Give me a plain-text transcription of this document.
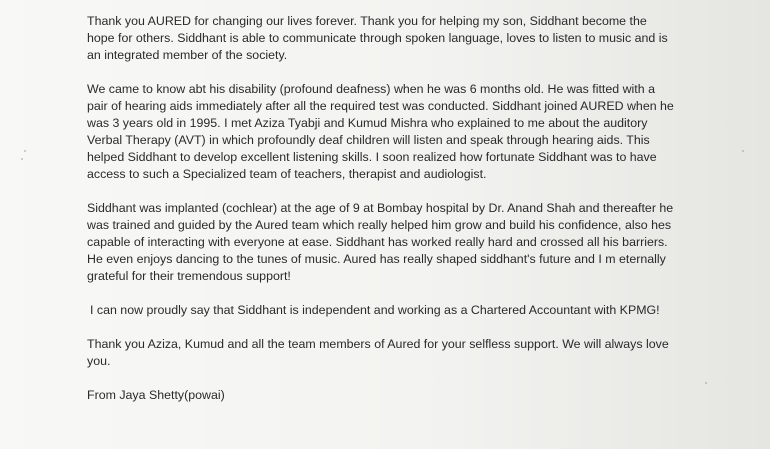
Thank you AURED for changing our lives forever. Thank you for helping my son, Siddhant become the hope for others. Siddhant is able to communicate through spoken language, loves to listen to music and is an integrated member of the society.

We came to know abt his disability (profound deafness) when he was 6 months old. He was fitted with a pair of hearing aids immediately after all the required test was conducted. Siddhant joined AURED when he was 3 years old in 1995. I met Aziza Tyabji and Kumud Mishra who explained to me about the auditory Verbal Therapy (AVT) in which profoundly deaf children will listen and speak through hearing aids. This helped Siddhant to develop excellent listening skills. I soon realized how fortunate Siddhant was to have access to such a Specialized team of teachers, therapist and audiologist.

Siddhant was implanted (cochlear) at the age of 9 at Bombay hospital by Dr. Anand Shah and thereafter he was trained and guided by the Aured team which really helped him grow and build his confidence, also hes capable of interacting with everyone at ease. Siddhant has worked really hard and crossed all his barriers. He even enjoys dancing to the tunes of music. Aured has really shaped siddhant's future and I m eternally grateful for their tremendous support!

I can now proudly say that Siddhant is independent and working as a Chartered Accountant with KPMG!

Thank you Aziza, Kumud and all the team members of Aured for your selfless support. We will always love you.

From Jaya Shetty(powai)
